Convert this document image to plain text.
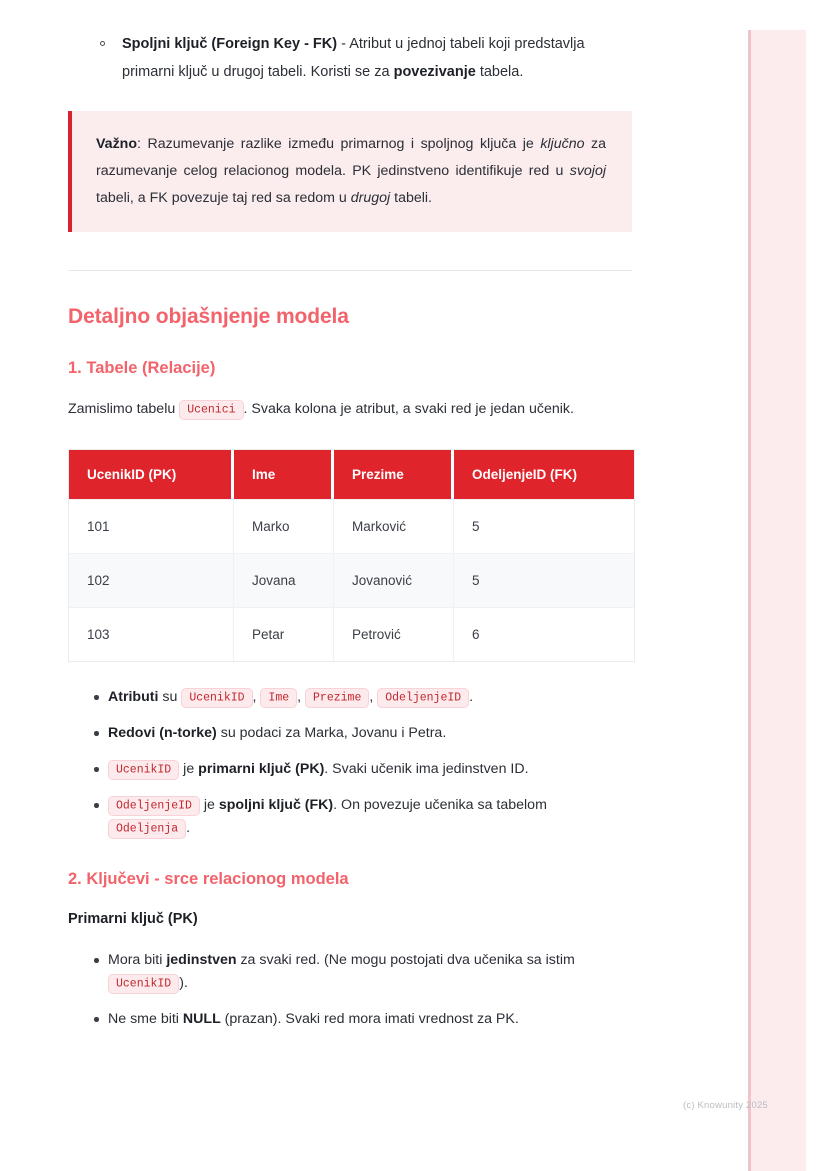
Spoljni ključ (Foreign Key - FK) - Atribut u jednoj tabeli koji predstavlja primarni ključ u drugoj tabeli. Koristi se za povezivanje tabela.

Važno: Razumevanje razlike između primarnog i spoljnog ključa je ključno za razumevanje celog relacionog modela. PK jedinstveno identifikuje red u svojoj tabeli, a FK povezuje taj red sa redom u drugoj tabeli.

Detaljno objašnjenje modela
1. Tabele (Relacije)

Zamislimo tabelu Ucenici . Svaka kolona je atribut, a svaki red je jedan učenik.

UcenikID (PK)	Ime	Prezime	OdeljenjeID (FK)
101	Marko	Marković	5
102	Jovana	Jovanović	5
103	Petar	Petrović	6
Atributi su UcenikID , Ime , Prezime , OdeljenjeID .
Redovi (n-torke) su podaci za Marka, Jovanu i Petra.
UcenikID je primarni ključ (PK). Svaki učenik ima jedinstven ID.
OdeljenjeID je spoljni ključ (FK). On povezuje učenika sa tabelom Odeljenja .
2. Ključevi - srce relacionog modela
Primarni ključ (PK)
Mora biti jedinstven za svaki red. (Ne mogu postojati dva učenika sa istim UcenikID ).
Ne sme biti NULL (prazan). Svaki red mora imati vrednost za PK.
(c) Knowunity 2025
